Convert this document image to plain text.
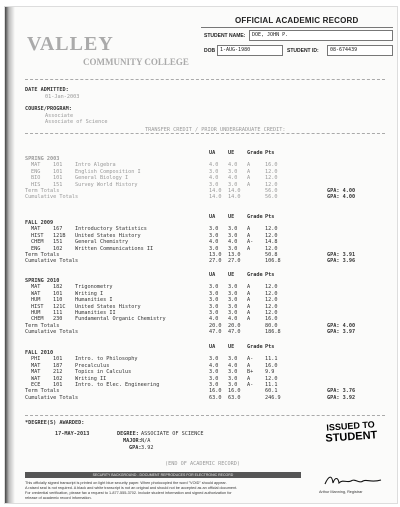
OFFICIAL ACADEMIC RECORD
VALLEY
COMMUNITY COLLEGE
STUDENT NAME:	DOE, JOHN P.
DOB 1-AUG-1980	STUDENT ID:	08-674439
DATE ADMITTED:
01-Jan-2003
COURSE/PROGRAM:
Associate
Associate of Science
TRANSFER CREDIT / PRIOR UNDERGRADUATE CREDIT:
*DEGREE(S) AWARDED:
17-MAY-2013	DEGREE: ASSOCIATE OF SCIENCE
MAJOR: N/A
GPA: 3.92
ISSUED TO
STUDENT
(END OF ACADEMIC RECORD)
SECURITY BACKGROUND - DOCUMENT REPRODUCES FOR ELECTRONIC RECORD
This officially signed transcript is printed on light blue security paper. When photocopied the word "VOID" should appear.
A raised seal is not required. A black and white transcript is not an original and should not be accepted as an official document.
For credential verification, please fax a request to 1-877-555-3702. Include student information and signed authorization for
release of academic record information.
Arthur Manning, Registrar
UA UE Grade Pts
SPRING 2003
MAT 101 Intro Algebra	4.0 4.0 A	16.0
ENG 101 English Composition I	3.0 3.0 A	12.0
BIO 101 General Biology I	4.0 4.0 A	12.0
HIS 151 Survey World History	3.0 3.0 A	12.0
Term Totals	14.0 14.0	56.0	GPA: 4.00
Cumulative Totals	14.0 14.0	56.0	GPA: 4.00
UA UE Grade Pts
FALL 2009
MAT 167 Introductory Statistics	3.0 3.0 A	12.0
HIST 121B United States History	3.0 3.0 A	12.0
CHEM 151 General Chemistry	4.0 4.0 A- 14.8
ENG 102 Written Communications II	3.0 3.0 A	12.0
Term Totals	13.0 13.0	50.8	GPA: 3.91
Cumulative Totals	27.0 27.0	106.8	GPA: 3.96
UA UE Grade Pts
SPRING 2010
MAT 182 Trigonometry	3.0 3.0 A	12.0
WAT 101 Writing I	3.0 3.0 A	12.0
HUM 110 Humanities I	3.0 3.0 A	12.0
HIST 121C United States History	3.0 3.0 A	12.0
HUM 111 Humanities II	3.0 3.0 A	12.0
CHEM 230 Fundamental Organic Chemistry	4.0 4.0 A	16.0
Term Totals	20.0 20.0	80.0	GPA: 4.00
Cumulative Totals	47.0 47.0	186.8	GPA: 3.97
UA UE Grade Pts
FALL 2010
PHI 101 Intro. to Philosophy	3.0 3.0 A- 11.1
MAT 187 Precalculus	4.0 4.0 A	16.0
MAT 212 Topics in Calculus	3.0 3.0 B+ 9.9
WAT 102 Writing II	3.0 3.0 A	12.0
ECE 101 Intro. to Elec. Engineering	3.0 3.0 A- 11.1
Term Totals	16.0 16.0	60.1	GPA: 3.76
Cumulative Totals	63.0 63.0	246.9	GPA: 3.92
